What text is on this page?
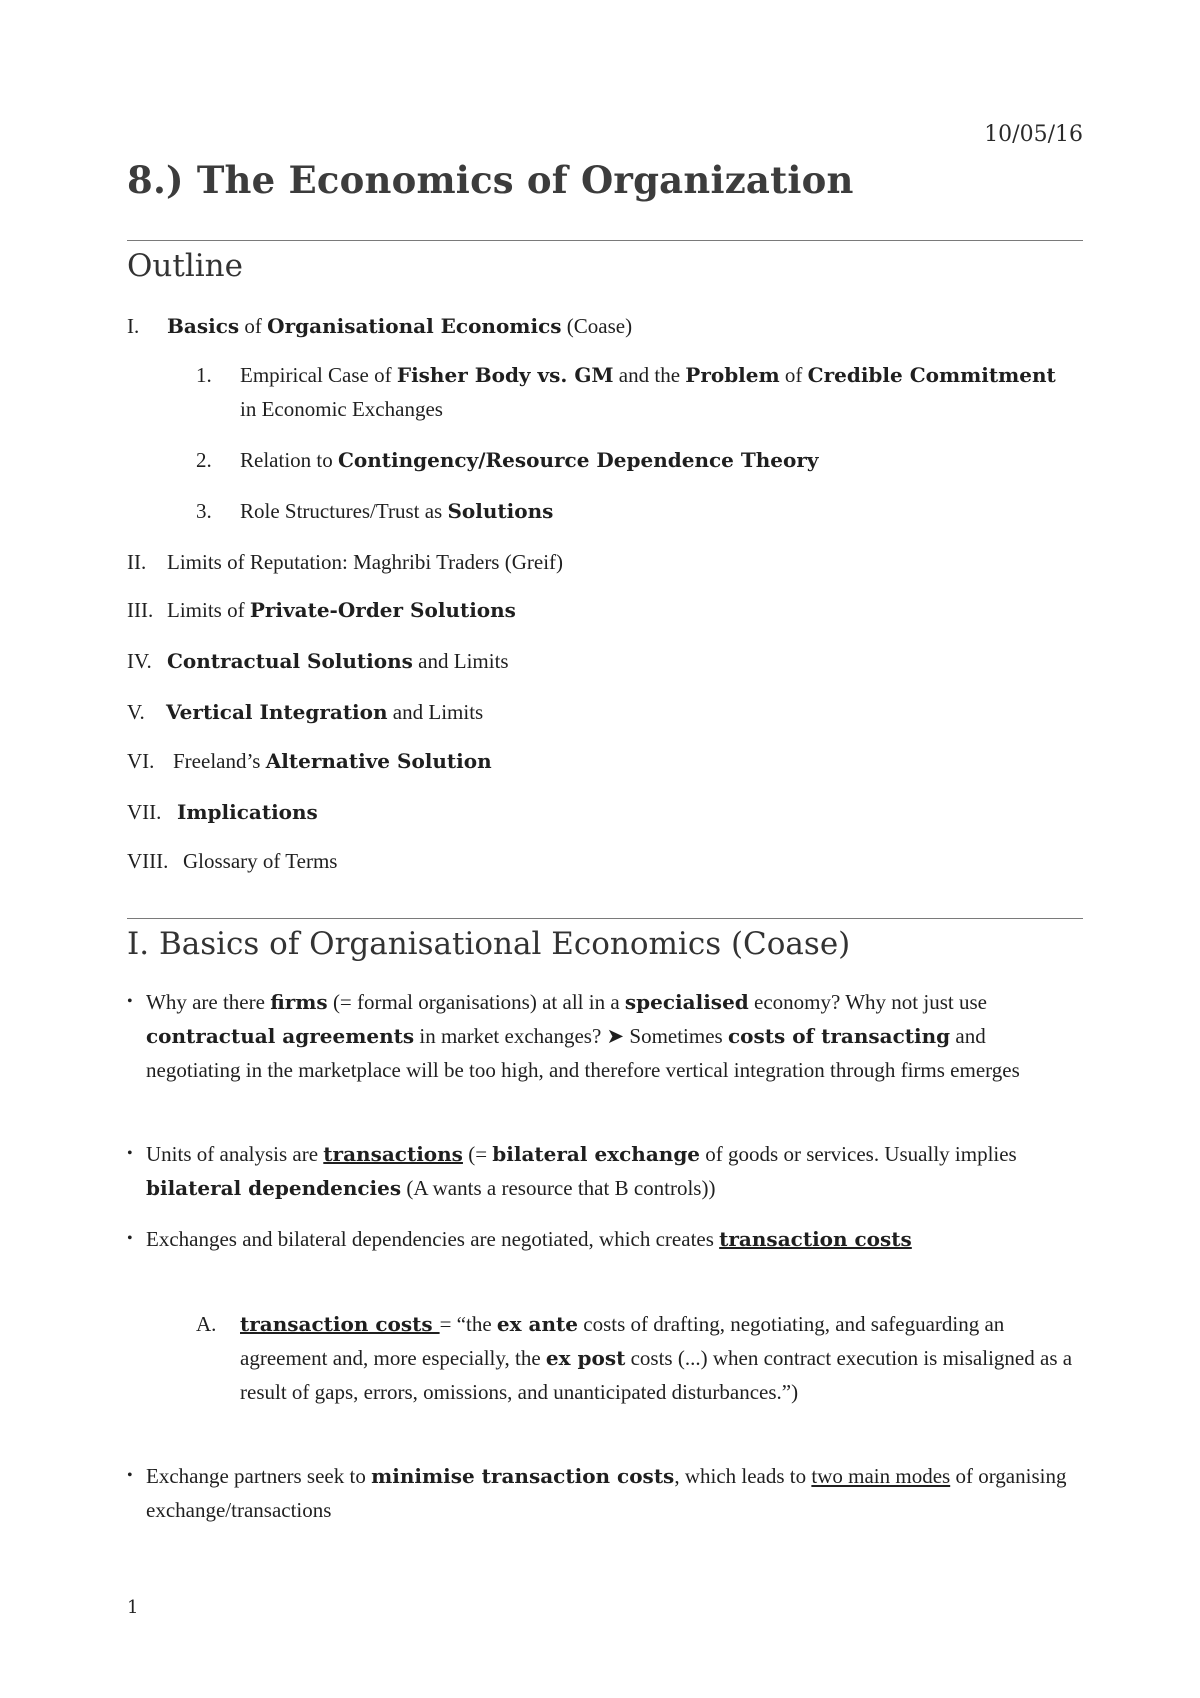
10/05/16
8.) The Economics of Organization
Outline
I. Basics of Organisational Economics (Coase)
1. Empirical Case of Fisher Body vs. GM and the Problem of Credible Commitment in Economic Exchanges
2. Relation to Contingency/Resource Dependence Theory
3. Role Structures/Trust as Solutions
II. Limits of Reputation: Maghribi Traders (Greif)
III. Limits of Private-Order Solutions
IV. Contractual Solutions and Limits
V. Vertical Integration and Limits
VI. Freeland’s Alternative Solution
VII. Implications
VIII. Glossary of Terms
I. Basics of Organisational Economics (Coase)
• Why are there firms (= formal organisations) at all in a specialised economy? Why not just use contractual agreements in market exchanges? ➤ Sometimes costs of transacting and negotiating in the marketplace will be too high, and therefore vertical integration through firms emerges
• Units of analysis are transactions (= bilateral exchange of goods or services. Usually implies bilateral dependencies (A wants a resource that B controls))
• Exchanges and bilateral dependencies are negotiated, which creates transaction costs
A. transaction costs = “the ex ante costs of drafting, negotiating, and safeguarding an agreement and, more especially, the ex post costs (...) when contract execution is misaligned as a result of gaps, errors, omissions, and unanticipated disturbances.”)
• Exchange partners seek to minimise transaction costs, which leads to two main modes of organising exchange/transactions
1
